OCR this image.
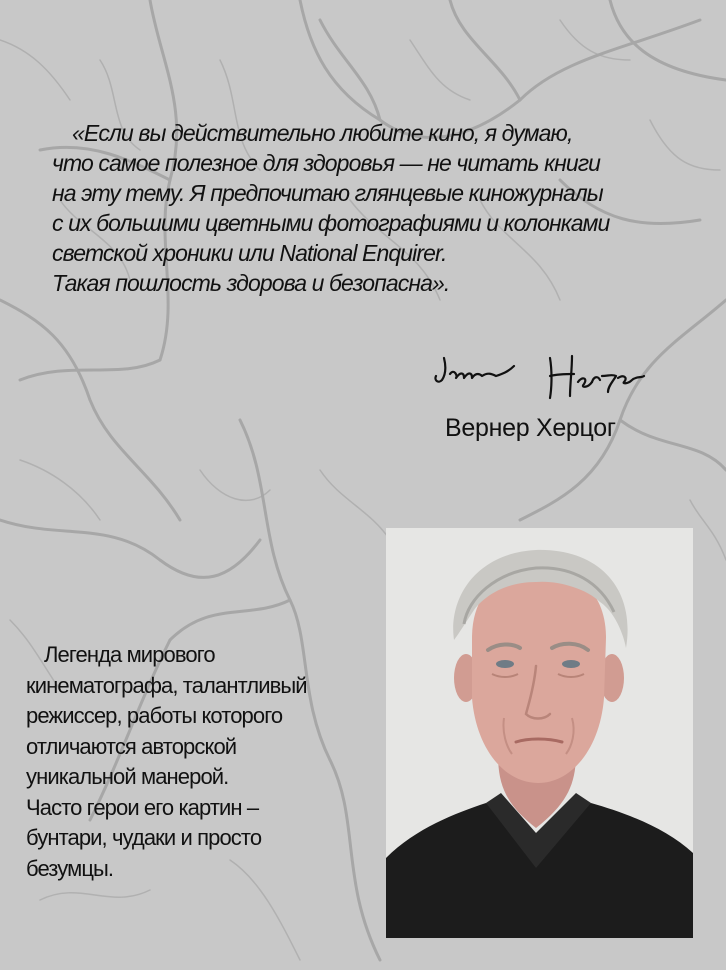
«Если вы действительно любите кино, я думаю,
что самое полезное для здоровья — не читать книги
на эту тему. Я предпочитаю глянцевые киножурналы
с их большими цветными фотографиями и колонками
светской хроники или National Enquirer.
Такая пошлость здорова и безопасна».

Вернер Херцог

Легенда мирового
кинематографа, талантливый
режиссер, работы которого
отличаются авторской
уникальной манерой.
Часто герои его картин –
бунтари, чудаки и просто
безумцы.
